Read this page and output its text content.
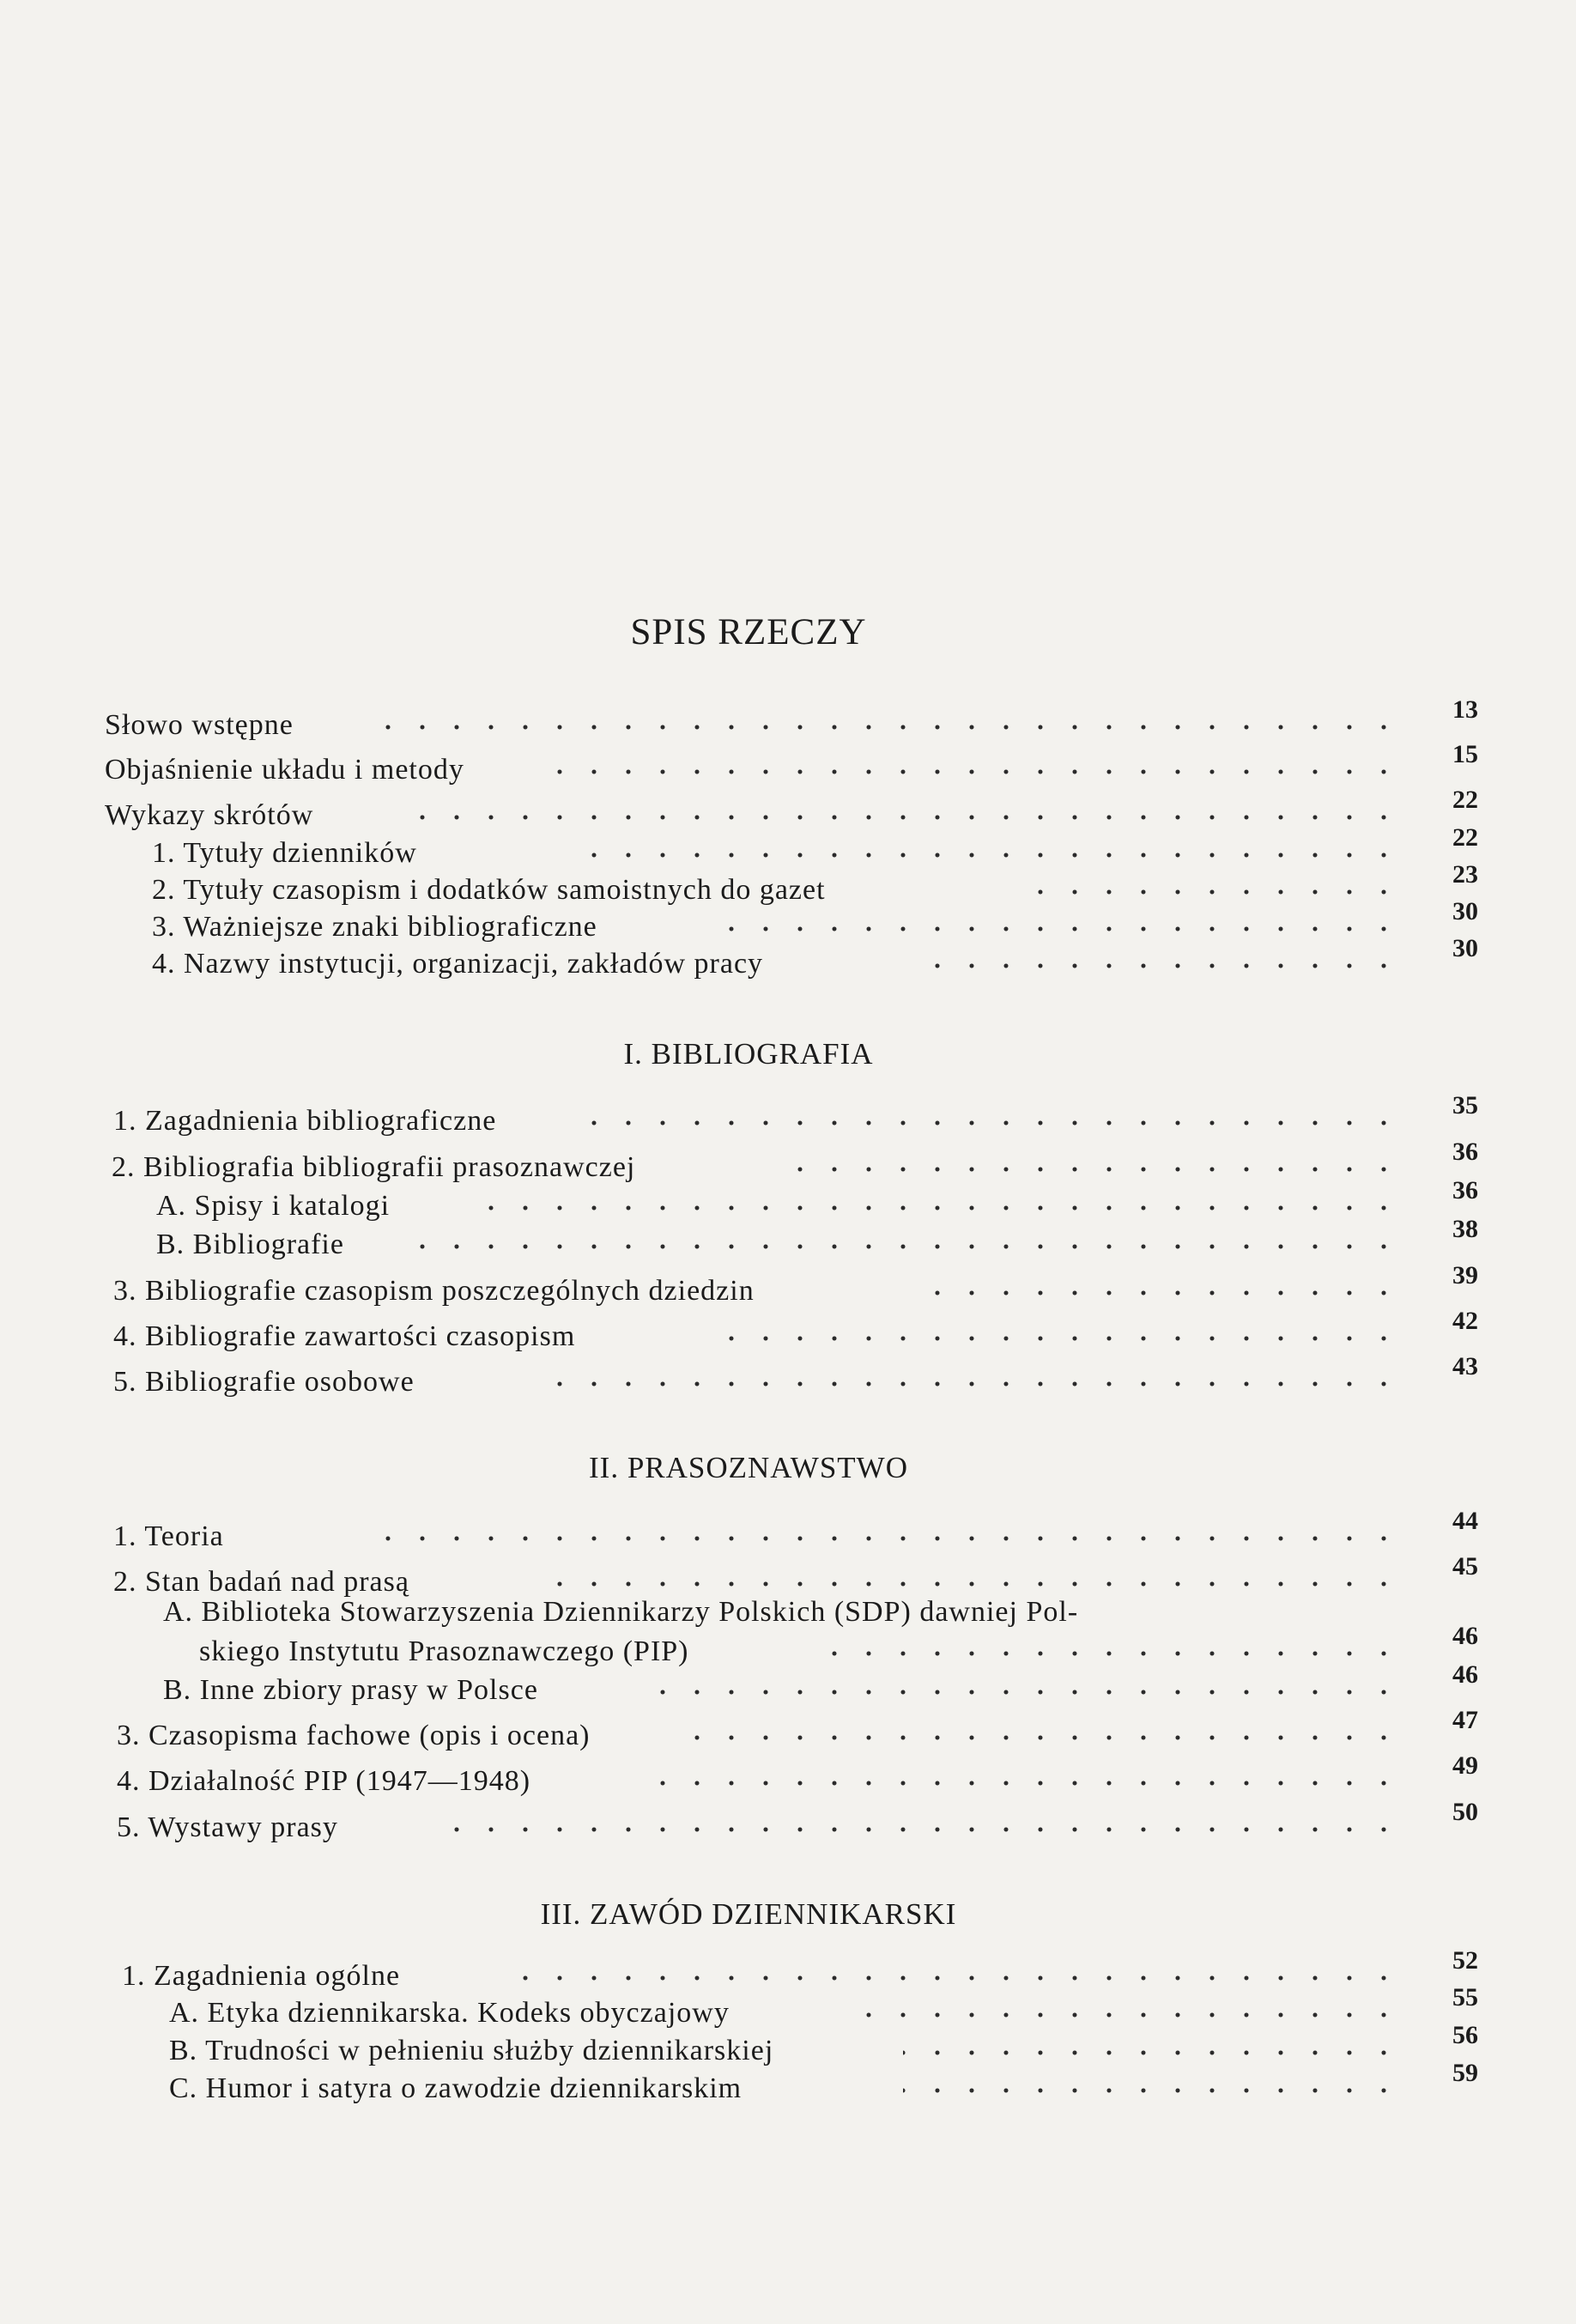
SPIS RZECZY
Słowo wstępne	13
Objaśnienie układu i metody	15
Wykazy skrótów	22
1. Tytuły dzienników	22
2. Tytuły czasopism i dodatków samoistnych do gazet	23
3. Ważniejsze znaki bibliograficzne	30
4. Nazwy instytucji, organizacji, zakładów pracy	30
I. BIBLIOGRAFIA
1. Zagadnienia bibliograficzne	35
2. Bibliografia bibliografii prasoznawczej	36
A. Spisy i katalogi	36
B. Bibliografie	38
3. Bibliografie czasopism poszczególnych dziedzin	39
4. Bibliografie zawartości czasopism	42
5. Bibliografie osobowe	43
II. PRASOZNAWSTWO
1. Teoria	44
2. Stan badań nad prasą	45
A. Biblioteka Stowarzyszenia Dziennikarzy Polskich (SDP) dawniej Pol-
skiego Instytutu Prasoznawczego (PIP)	46
B. Inne zbiory prasy w Polsce	46
3. Czasopisma fachowe (opis i ocena)	47
4. Działalność PIP (1947—1948)	49
5. Wystawy prasy	50
III. ZAWÓD DZIENNIKARSKI
1. Zagadnienia ogólne	52
A. Etyka dziennikarska. Kodeks obyczajowy	55
B. Trudności w pełnieniu służby dziennikarskiej	56
C. Humor i satyra o zawodzie dziennikarskim	59
